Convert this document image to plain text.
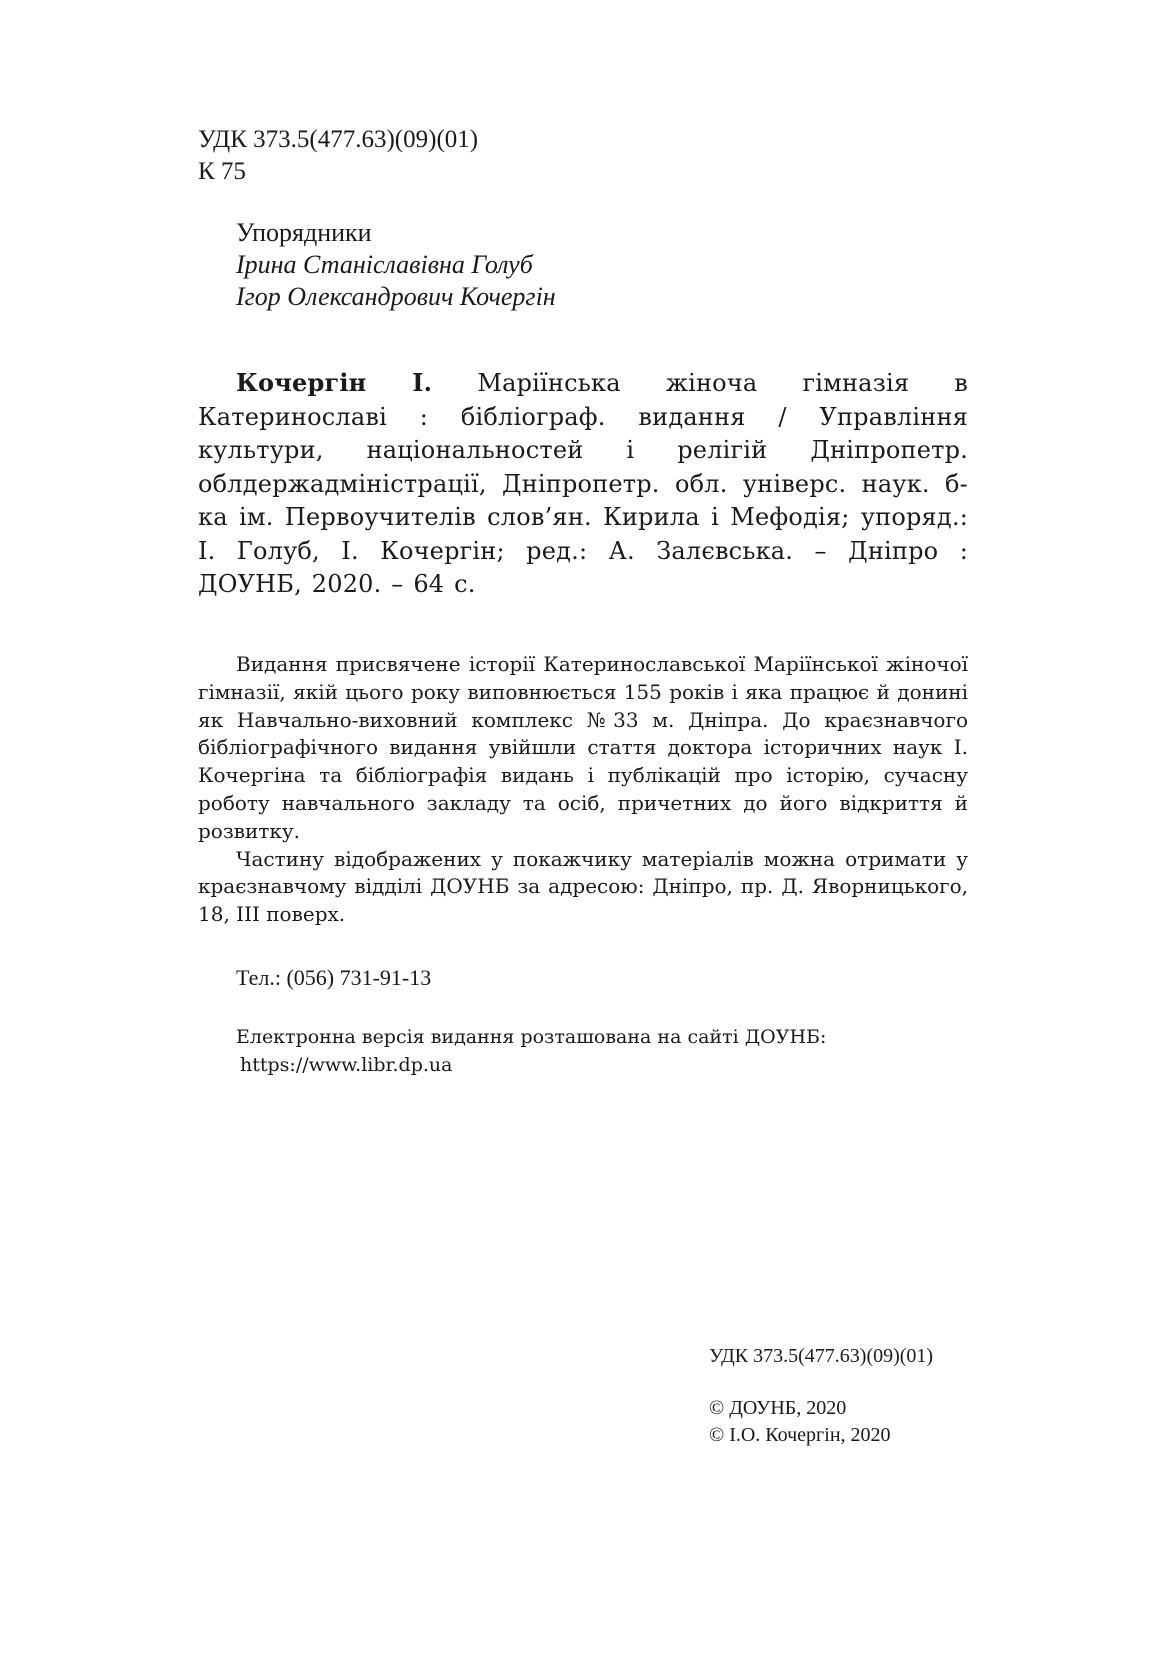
УДК 373.5(477.63)(09)(01)
К 75
Упорядники
Ірина Станіславівна Голуб
Ігор Олександрович Кочергін

Кочергін І. Маріїнська жіноча гімназія в Катеринославі : бібліограф. видання / Управління культури, національностей і релігій Дніпропетр. облдержадміністрації, Дніпропетр. обл. універс. наук. б-ка ім. Первоучителів слов’ян. Кирила і Мефодія; упоряд.: І. Голуб, І. Кочергін; ред.: А. Залєвська. – Дніпро : ДОУНБ, 2020. – 64 с.

Видання присвячене історії Катеринославської Маріїнської жіночої гімназії, якій цього року виповнюється 155 років і яка працює й донині як Навчально-виховний комплекс №33 м. Дніпра. До краєзнавчого бібліографічного видання увійшли стаття доктора історичних наук І. Кочергіна та бібліографія видань і публікацій про історію, сучасну роботу навчального закладу та осіб, причетних до його відкриття й розвитку.

Частину відображених у покажчику матеріалів можна отримати у краєзнавчому відділі ДОУНБ за адресою: Дніпро, пр. Д. Яворницького, 18, III поверх.

Тел.: (056) 731-91-13
Електронна версія видання розташована на сайті ДОУНБ:
https://www.libr.dp.ua
УДК 373.5(477.63)(09)(01)
© ДОУНБ, 2020
© І.О. Кочергін, 2020
